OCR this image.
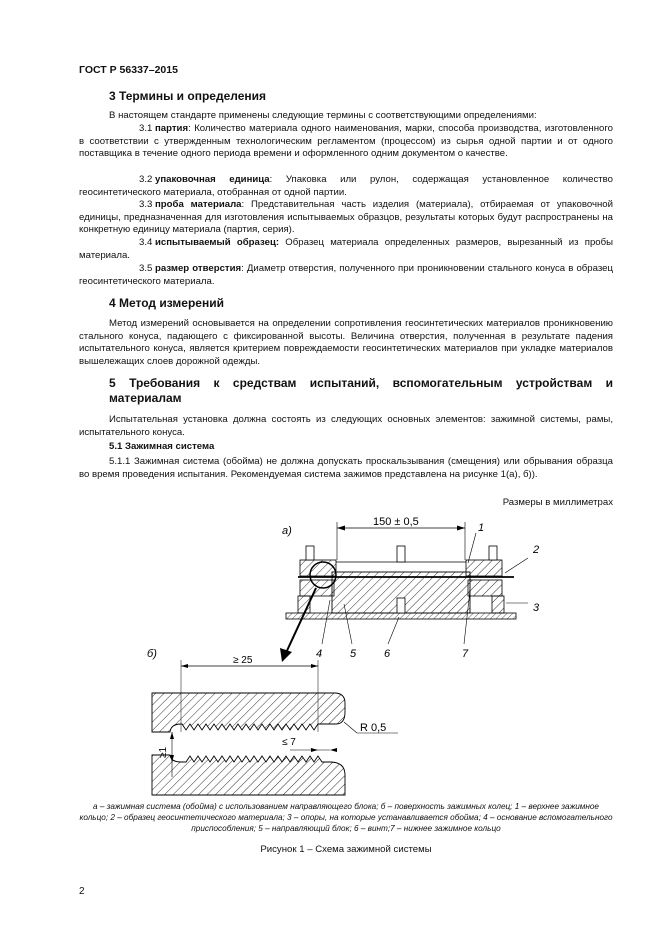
ГОСТ Р 56337–2015
3 Термины и определения
В настоящем стандарте применены следующие термины с соответствующими определениями:
3.1 партия: Количество материала одного наименования, марки, способа производства, изготовленного в соответствии с утвержденным технологическим регламентом (процессом) из сырья одной партии и от одного поставщика в течение одного периода времени и оформленного одним документом о качестве.
3.2 упаковочная единица: Упаковка или рулон, содержащая установленное количество геосинтетического материала, отобранная от одной партии.
3.3 проба материала: Представительная часть изделия (материала), отбираемая от упаковочной единицы, предназначенная для изготовления испытываемых образцов, результаты которых будут распространены на конкретную единицу материала (партия, серия).
3.4 испытываемый образец: Образец материала определенных размеров, вырезанный из пробы материала.
3.5 размер отверстия: Диаметр отверстия, полученного при проникновении стального конуса в образец геосинтетического материала.
4 Метод измерений
Метод измерений основывается на определении сопротивления геосинтетических материалов проникновению стального конуса, падающего с фиксированной высоты. Величина отверстия, полученная в результате падения испытательного конуса, является критерием повреждаемости геосинтетических материалов при укладке материалов вышележащих слоев дорожной одежды.
5 Требования к средствам испытаний, вспомогательным устройствам и материалам
Испытательная установка должна состоять из следующих основных элементов: зажимной системы, рамы, испытательного конуса.
5.1 Зажимная система
5.1.1 Зажимная система (обойма) не должна допускать проскальзывания (смещения) или обрывания образца во время проведения испытания. Рекомендуемая система зажимов представлена на рисунке 1(а), б)).
Размеры в миллиметрах
а)
150 ± 0,5	1
2
3
4	5	6	7
б)
≥ 25
R 0,5
≤ 7
≥1
а – зажимная система (обойма) с использованием направляющего блока; б – поверхность зажимных колец; 1 – верхнее зажимное кольцо; 2 – образец геосинтетического материала; 3 – опоры, на которые устанавливается обойма; 4 – основание вспомогательного приспособления; 5 – направляющий блок; 6 – винт;7 – нижнее зажимное кольцо
Рисунок 1 – Схема зажимной системы
2
